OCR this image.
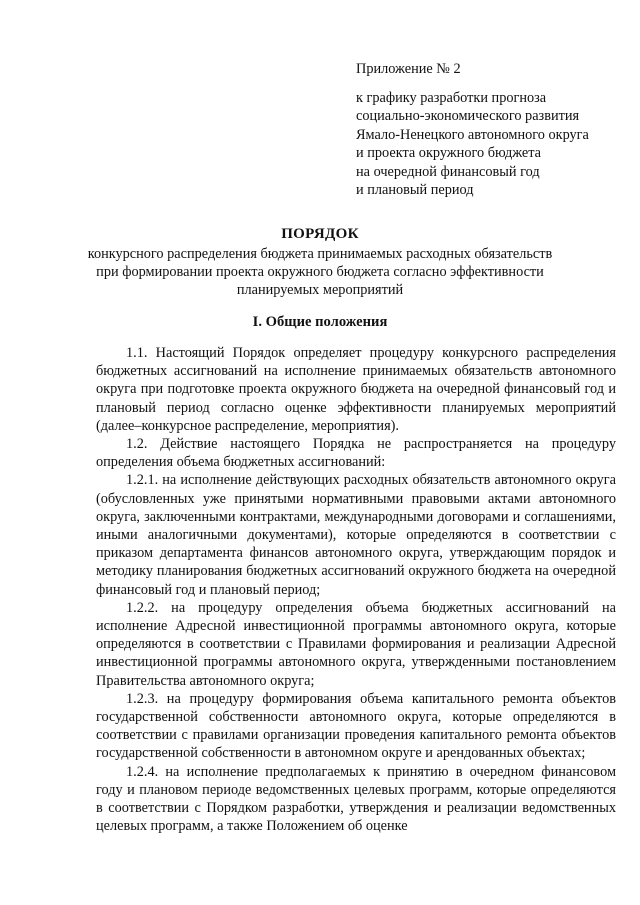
Приложение № 2
к графику разработки прогноза
социально-экономического развития
Ямало-Ненецкого автономного округа
и проекта окружного бюджета
на очередной финансовый год
и плановый период
ПОРЯДОК
конкурсного распределения бюджета принимаемых расходных обязательств
при формировании проекта окружного бюджета согласно эффективности
планируемых мероприятий
I. Общие положения

1.1. Настоящий Порядок определяет процедуру конкурсного распределения бюджетных ассигнований на исполнение принимаемых обязательств автономного округа при подготовке проекта окружного бюджета на очередной финансовый год и плановый период согласно оценке эффективности планируемых мероприятий (далее–конкурсное распределение, мероприятия).

1.2. Действие настоящего Порядка не распространяется на процедуру определения объема бюджетных ассигнований:

1.2.1. на исполнение действующих расходных обязательств автономного округа (обусловленных уже принятыми нормативными правовыми актами автономного округа, заключенными контрактами, международными договорами и соглашениями, иными аналогичными документами), которые определяются в соответствии с приказом департамента финансов автономного округа, утверждающим порядок и методику планирования бюджетных ассигнований окружного бюджета на очередной финансовый год и плановый период;

1.2.2. на процедуру определения объема бюджетных ассигнований на исполнение Адресной инвестиционной программы автономного округа, которые определяются в соответствии с Правилами формирования и реализации Адресной инвестиционной программы автономного округа, утвержденными постановлением Правительства автономного округа;

1.2.3. на процедуру формирования объема капитального ремонта объектов государственной собственности автономного округа, которые определяются в соответствии с правилами организации проведения капитального ремонта объектов государственной собственности в автономном округе и арендованных объектах;

1.2.4. на исполнение предполагаемых к принятию в очередном финансовом году и плановом периоде ведомственных целевых программ, которые определяются в соответствии с Порядком разработки, утверждения и реализации ведомственных целевых программ, а также Положением об оценке
